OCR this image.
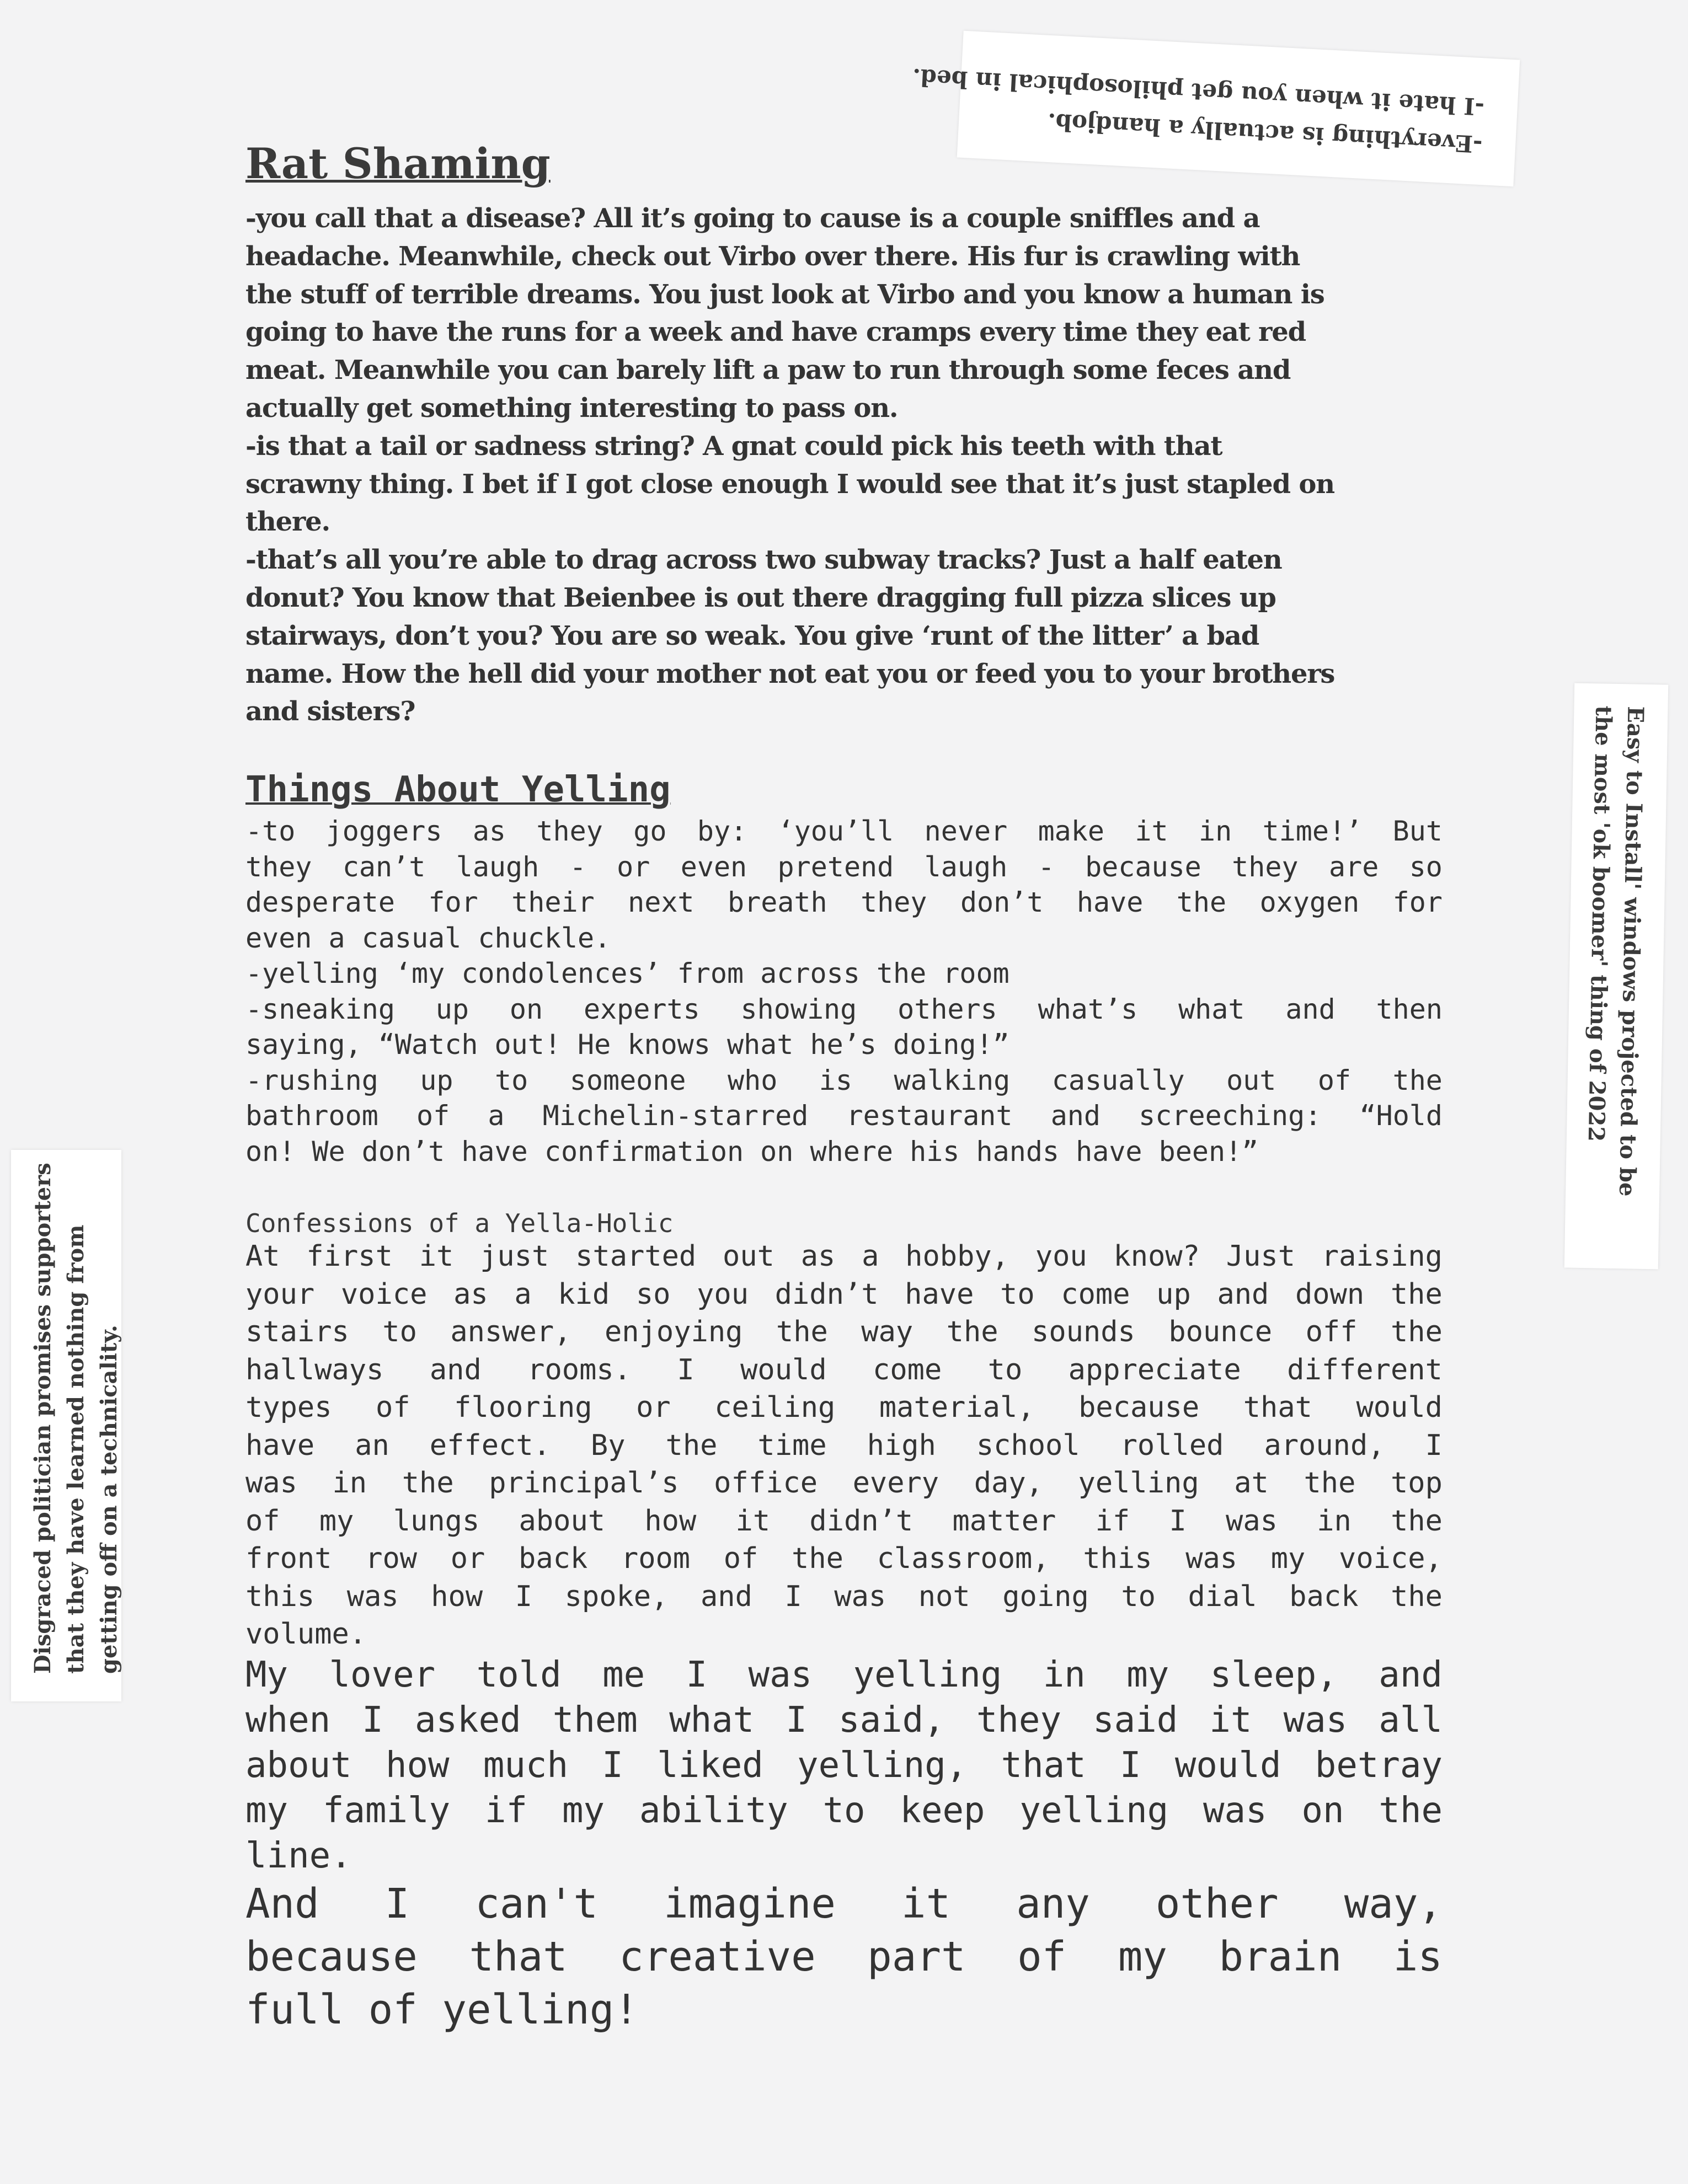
-Everything is actually a handjob.
-I hate it when you get philosophical in bed.
Easy to Install' windows projected to be
the most 'ok boomer' thing of 2022
Disgraced politician promises supporters that they have learned nothing from getting off on a technicality.
Rat Shaming
-you call that a disease? All it’s going to cause is a couple sniffles and a
headache. Meanwhile, check out Virbo over there. His fur is crawling with
the stuff of terrible dreams. You just look at Virbo and you know a human is
going to have the runs for a week and have cramps every time they eat red
meat. Meanwhile you can barely lift a paw to run through some feces and
actually get something interesting to pass on.
-is that a tail or sadness string? A gnat could pick his teeth with that
scrawny thing. I bet if I got close enough I would see that it’s just stapled on
there.
-that’s all you’re able to drag across two subway tracks? Just a half eaten
donut? You know that Beienbee is out there dragging full pizza slices up
stairways, don’t you? You are so weak. You give ‘runt of the litter’ a bad
name. How the hell did your mother not eat you or feed you to your brothers
and sisters?
Things About Yelling
-to joggers as they go by: ‘you’ll never make it in time!’ But
they can’t laugh - or even pretend laugh - because they are so
desperate for their next breath they don’t have the oxygen for
even a casual chuckle.
-yelling ‘my condolences’ from across the room
-sneaking up on experts showing others what’s what and then
saying, “Watch out! He knows what he’s doing!”
-rushing up to someone who is walking casually out of the
bathroom of a Michelin-starred restaurant and screeching: “Hold
on! We don’t have confirmation on where his hands have been!”
Confessions of a Yella-Holic
At first it just started out as a hobby, you know? Just raising
your voice as a kid so you didn’t have to come up and down the
stairs to answer, enjoying the way the sounds bounce off the
hallways and rooms. I would come to appreciate different
types of flooring or ceiling material, because that would
have an effect. By the time high school rolled around, I
was in the principal’s office every day, yelling at the top
of my lungs about how it didn’t matter if I was in the
front row or back room of the classroom, this was my voice,
this was how I spoke, and I was not going to dial back the
volume.
My lover told me I was yelling in my sleep, and
when I asked them what I said, they said it was all
about how much I liked yelling, that I would betray
my family if my ability to keep yelling was on the
line.
And I can't imagine it any other way,
because that creative part of my brain is
full of yelling!
